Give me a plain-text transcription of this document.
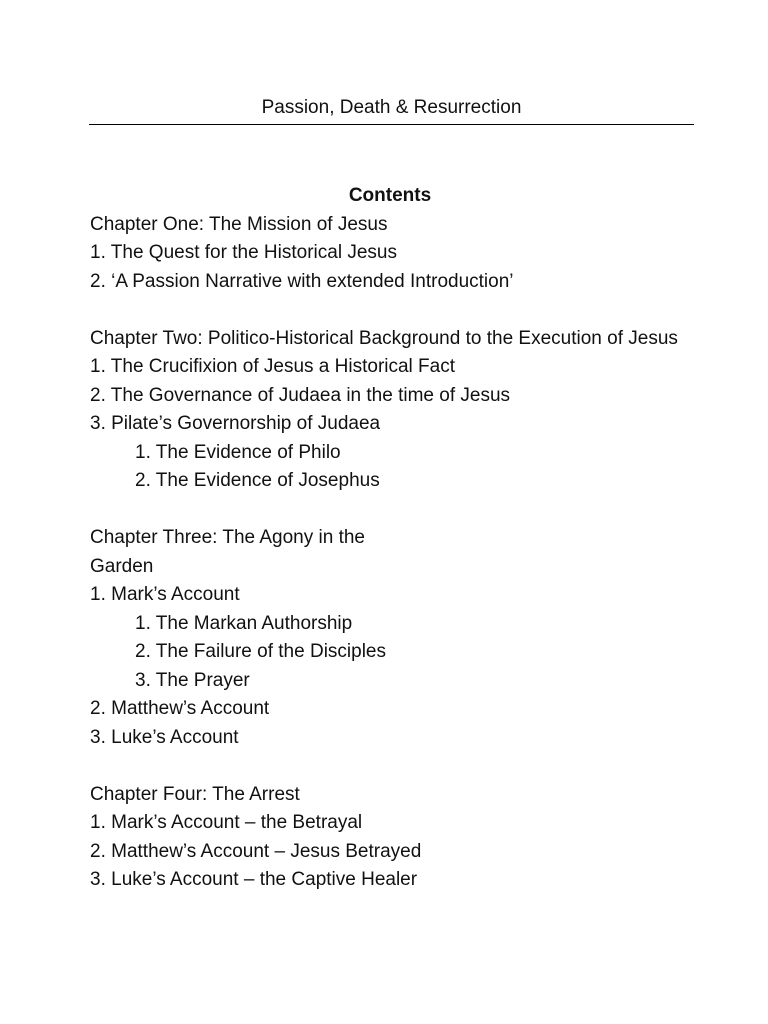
Passion, Death & Resurrection
Contents
Chapter One: The Mission of Jesus
1. The Quest for the Historical Jesus
2. ‘A Passion Narrative with extended Introduction’
Chapter Two: Politico-Historical Background to the Execution of Jesus
1. The Crucifixion of Jesus a Historical Fact
2. The Governance of Judaea in the time of Jesus
3. Pilate’s Governorship of Judaea
1. The Evidence of Philo
2. The Evidence of Josephus
Chapter Three: The Agony in the Garden
1. Mark’s Account
1. The Markan Authorship
2. The Failure of the Disciples
3. The Prayer
2. Matthew’s Account
3. Luke’s Account
Chapter Four: The Arrest
1. Mark’s Account – the Betrayal
2. Matthew’s Account – Jesus Betrayed
3. Luke’s Account – the Captive Healer
